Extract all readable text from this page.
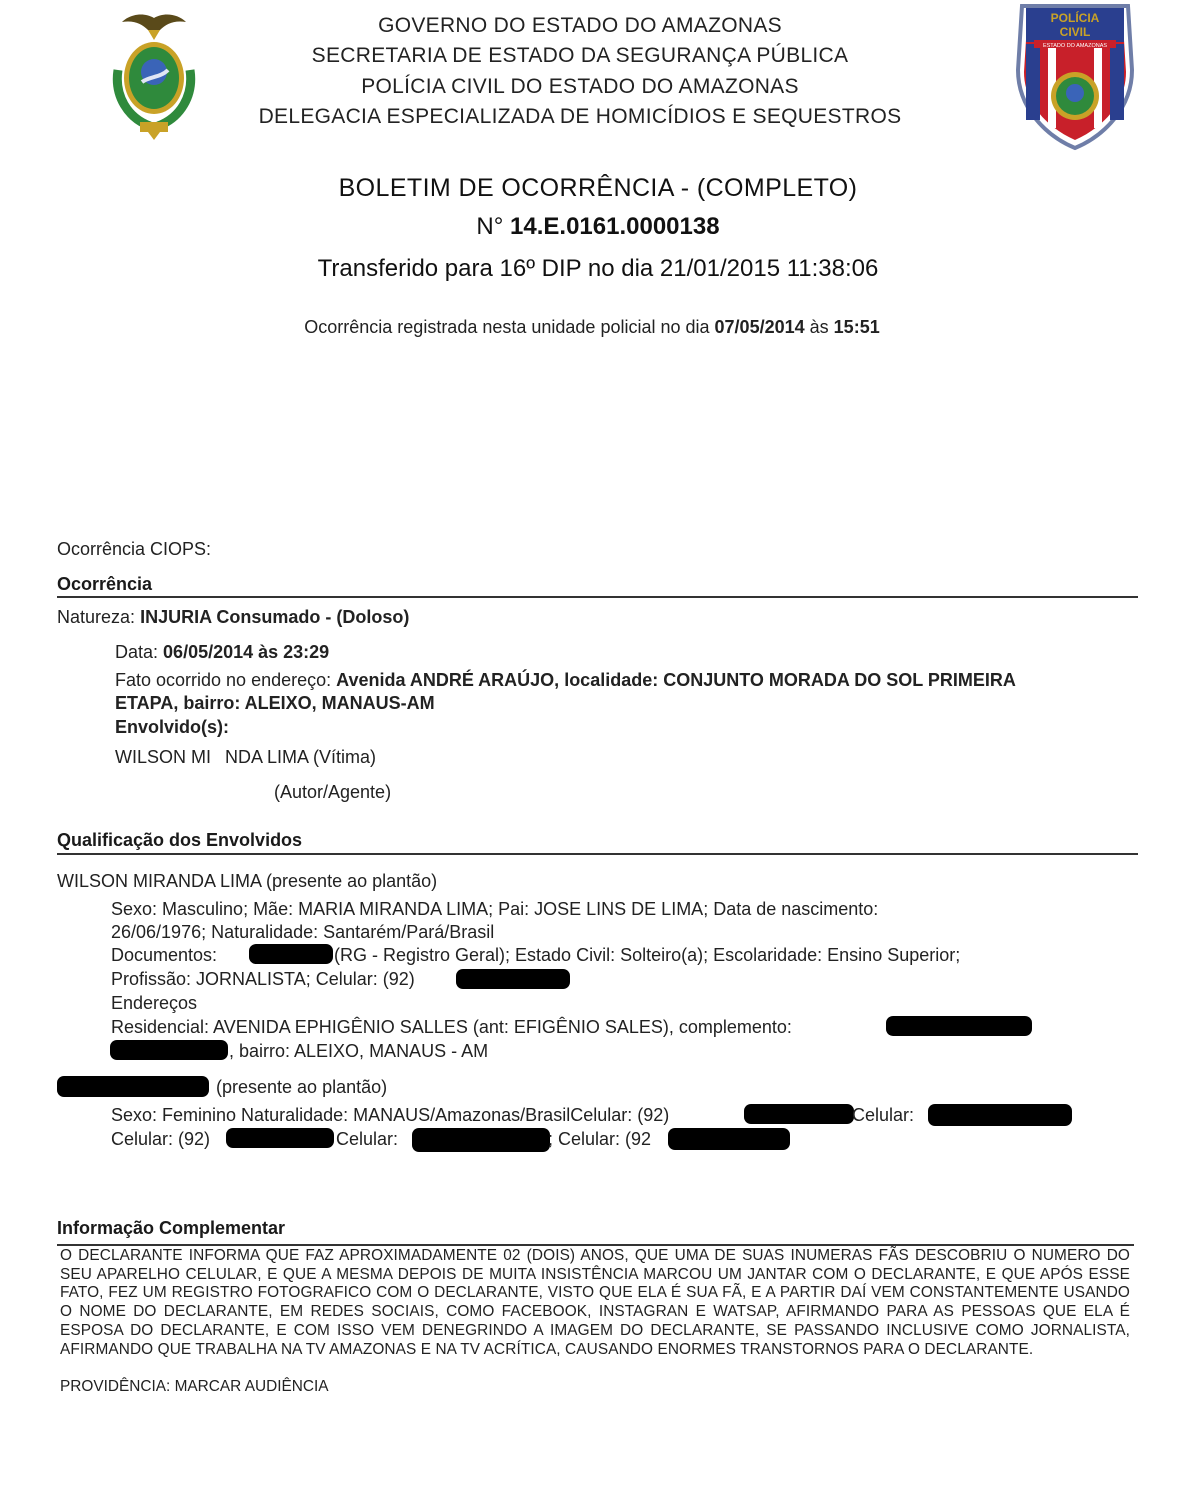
GOVERNO DO ESTADO DO AMAZONAS
SECRETARIA DE ESTADO DA SEGURANÇA PÚBLICA
POLÍCIA CIVIL DO ESTADO DO AMAZONAS
DELEGACIA ESPECIALIZADA DE HOMICÍDIOS E SEQUESTROS
POLÍCIA
CIVIL
ESTADO DO AMAZONAS
BOLETIM DE OCORRÊNCIA - (COMPLETO)
N° 14.E.0161.0000138
Transferido para 16º DIP no dia 21/01/2015 11:38:06
Ocorrência registrada nesta unidade policial no dia 07/05/2014 às 15:51
Ocorrência CIOPS:
Ocorrência
Natureza: INJURIA Consumado - (Doloso)
Data: 06/05/2014 às 23:29
Fato ocorrido no endereço: Avenida ANDRÉ ARAÚJO, localidade: CONJUNTO MORADA DO SOL PRIMEIRA
ETAPA, bairro: ALEIXO, MANAUS-AM
Envolvido(s):
WILSON MI NDA LIMA (Vítima)
(Autor/Agente)
Qualificação dos Envolvidos
WILSON MIRANDA LIMA (presente ao plantão)
Sexo: Masculino; Mãe: MARIA MIRANDA LIMA; Pai: JOSE LINS DE LIMA; Data de nascimento:
26/06/1976; Naturalidade: Santarém/Pará/Brasil
Documentos:	(RG - Registro Geral); Estado Civil: Solteiro(a); Escolaridade: Ensino Superior;
Profissão: JORNALISTA; Celular: (92)
Endereços
Residencial: AVENIDA EPHIGÊNIO SALLES (ant: EFIGÊNIO SALES), complemento:
, bairro: ALEIXO, MANAUS - AM
(presente ao plantão)
Sexo: Feminino Naturalidade: MANAUS/Amazonas/BrasilCelular: (92)	Celular:
Celular: (92)	Celular:	; Celular: (92
Informação Complementar
O DECLARANTE INFORMA QUE FAZ APROXIMADAMENTE 02 (DOIS) ANOS, QUE UMA DE SUAS INUMERAS FÃS DESCOBRIU O NUMERO DO SEU APARELHO CELULAR, E QUE A MESMA DEPOIS DE MUITA INSISTÊNCIA MARCOU UM JANTAR COM O DECLARANTE, E QUE APÓS ESSE FATO, FEZ UM REGISTRO FOTOGRAFICO COM O DECLARANTE, VISTO QUE ELA É SUA FÃ, E A PARTIR DAÍ VEM CONSTANTEMENTE USANDO O NOME DO DECLARANTE, EM REDES SOCIAIS, COMO FACEBOOK, INSTAGRAN E WATSAP, AFIRMANDO PARA AS PESSOAS QUE ELA É ESPOSA DO DECLARANTE, E COM ISSO VEM DENEGRINDO A IMAGEM DO DECLARANTE, SE PASSANDO INCLUSIVE COMO JORNALISTA, AFIRMANDO QUE TRABALHA NA TV AMAZONAS E NA TV ACRÍTICA, CAUSANDO ENORMES TRANSTORNOS PARA O DECLARANTE.
PROVIDÊNCIA: MARCAR AUDIÊNCIA
